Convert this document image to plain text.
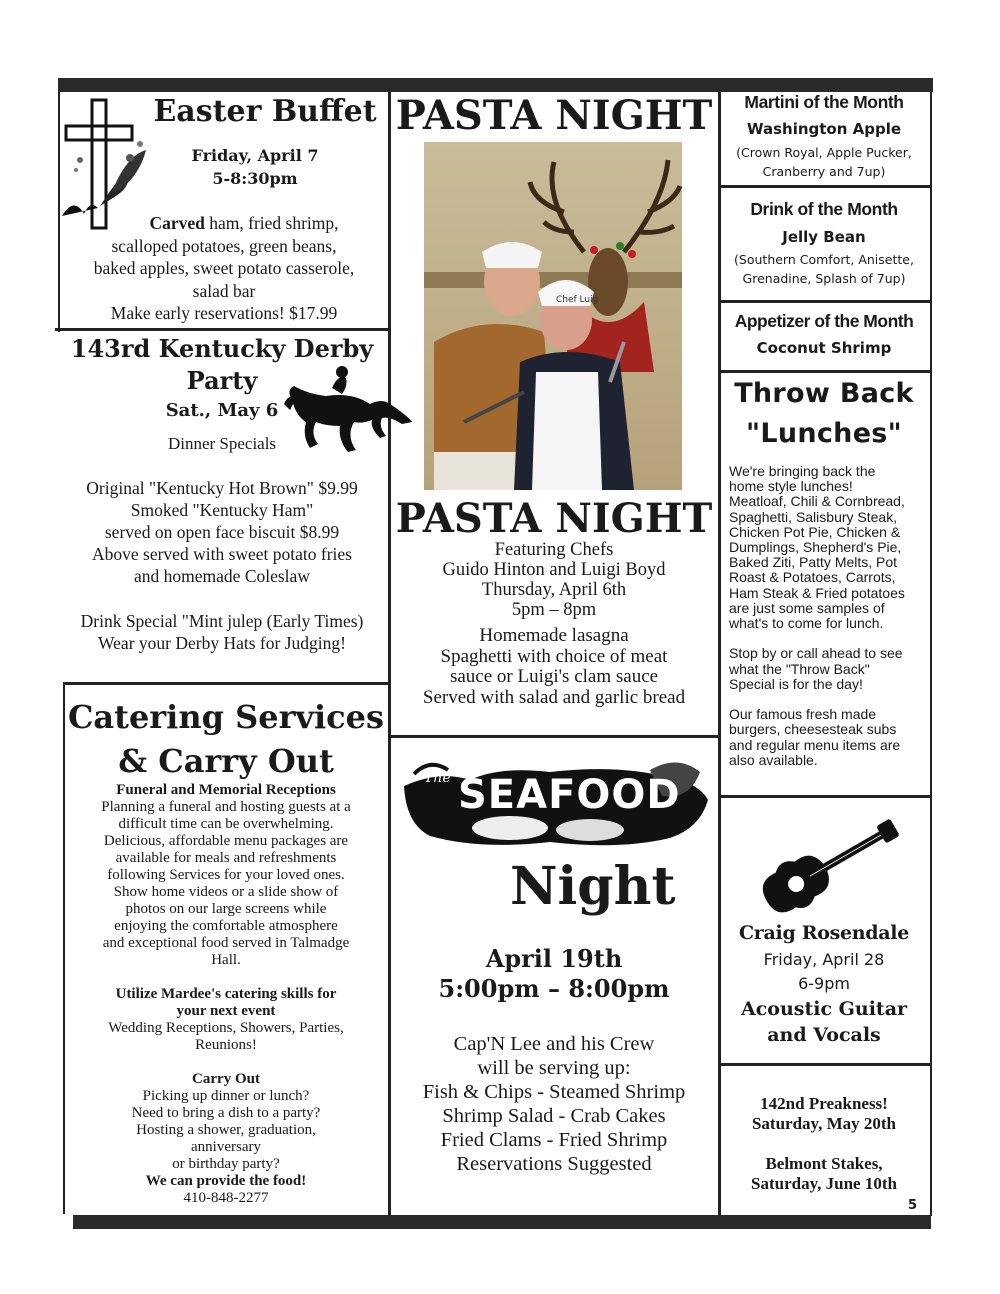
Easter Buffet
Friday, April 7
5-8:30pm
Carved ham, fried shrimp,
scalloped potatoes, green beans,
baked apples, sweet potato casserole,
salad bar
Make early reservations! $17.99
143rd Kentucky Derby
Party
Sat., May 6
Dinner Specials
Original "Kentucky Hot Brown" $9.99
Smoked "Kentucky Ham"
served on open face biscuit $8.99
Above served with sweet potato fries
and homemade Coleslaw
Drink Special "Mint julep (Early Times)
Wear your Derby Hats for Judging!
Catering Services
& Carry Out
Funeral and Memorial Receptions
Planning a funeral and hosting guests at a
difficult time can be overwhelming.
Delicious, affordable menu packages are
available for meals and refreshments
following Services for your loved ones.
Show home videos or a slide show of
photos on our large screens while
enjoying the comfortable atmosphere
and exceptional food served in Talmadge
Hall.

Utilize Mardee's catering skills for
your next event
Wedding Receptions, Showers, Parties,
Reunions!

Carry Out
Picking up dinner or lunch?
Need to bring a dish to a party?
Hosting a shower, graduation,
anniversary
or birthday party?
We can provide the food!
410-848-2277
PASTA NIGHT
Chef Luig
PASTA NIGHT
Featuring Chefs
Guido Hinton and Luigi Boyd
Thursday, April 6th
5pm – 8pm
Homemade lasagna
Spaghetti with choice of meat
sauce or Luigi's clam sauce
Served with salad and garlic bread
SEAFOOD
The
Night
April 19th
5:00pm – 8:00pm
Cap'N Lee and his Crew
will be serving up:
Fish & Chips - Steamed Shrimp
Shrimp Salad - Crab Cakes
Fried Clams - Fried Shrimp
Reservations Suggested
Martini of the Month
Washington Apple
(Crown Royal, Apple Pucker,
Cranberry and 7up)
Drink of the Month
Jelly Bean
(Southern Comfort, Anisette,
Grenadine, Splash of 7up)
Appetizer of the Month
Coconut Shrimp
Throw Back
"Lunches"
We're bringing back the
home style lunches!
Meatloaf, Chili & Cornbread,
Spaghetti, Salisbury Steak,
Chicken Pot Pie, Chicken &
Dumplings, Shepherd's Pie,
Baked Ziti, Patty Melts, Pot
Roast & Potatoes, Carrots,
Ham Steak & Fried potatoes
are just some samples of
what's to come for lunch.

Stop by or call ahead to see
what the "Throw Back"
Special is for the day!

Our famous fresh made
burgers, cheesesteak subs
and regular menu items are
also available.
Craig Rosendale
Friday, April 28
6-9pm
Acoustic Guitar
and Vocals
142nd Preakness!
Saturday, May 20th

Belmont Stakes,
Saturday, June 10th
5
